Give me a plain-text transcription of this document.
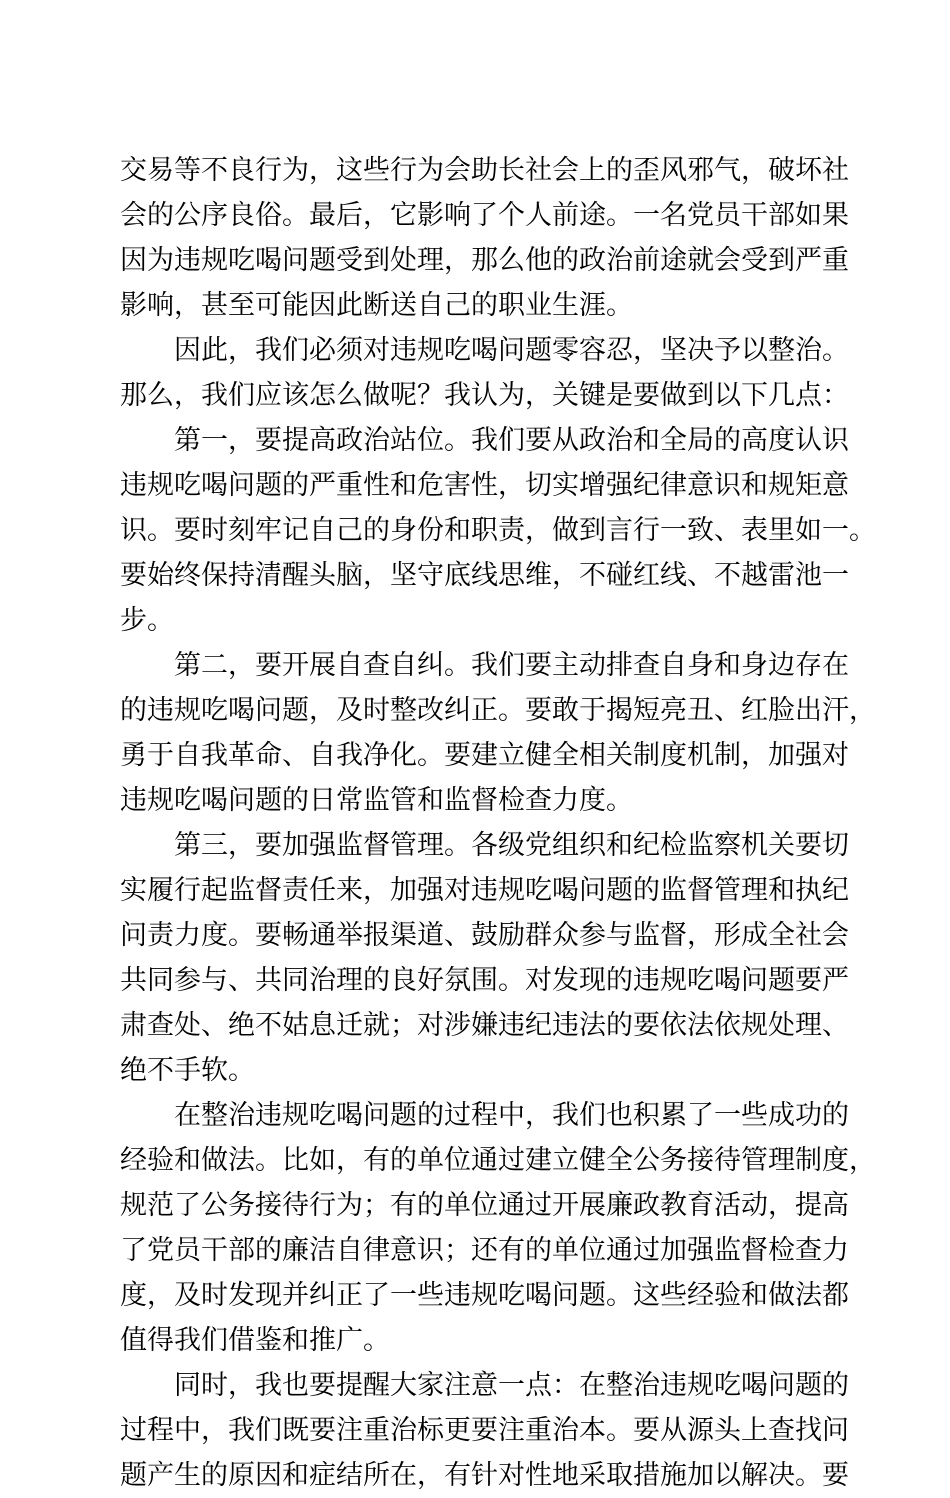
交易等不良行为，这些行为会助长社会上的歪风邪气，破坏社
会的公序良俗。最后，它影响了个人前途。一名党员干部如果
因为违规吃喝问题受到处理，那么他的政治前途就会受到严重
影响，甚至可能因此断送自己的职业生涯。
因此，我们必须对违规吃喝问题零容忍，坚决予以整治。
那么，我们应该怎么做呢？我认为，关键是要做到以下几点：
第一，要提高政治站位。我们要从政治和全局的高度认识
违规吃喝问题的严重性和危害性，切实增强纪律意识和规矩意
识。要时刻牢记自己的身份和职责，做到言行一致、表里如一。
要始终保持清醒头脑，坚守底线思维，不碰红线、不越雷池一
步。
第二，要开展自查自纠。我们要主动排查自身和身边存在
的违规吃喝问题，及时整改纠正。要敢于揭短亮丑、红脸出汗，
勇于自我革命、自我净化。要建立健全相关制度机制，加强对
违规吃喝问题的日常监管和监督检查力度。
第三，要加强监督管理。各级党组织和纪检监察机关要切
实履行起监督责任来，加强对违规吃喝问题的监督管理和执纪
问责力度。要畅通举报渠道、鼓励群众参与监督，形成全社会
共同参与、共同治理的良好氛围。对发现的违规吃喝问题要严
肃查处、绝不姑息迁就；对涉嫌违纪违法的要依法依规处理、
绝不手软。
在整治违规吃喝问题的过程中，我们也积累了一些成功的
经验和做法。比如，有的单位通过建立健全公务接待管理制度，
规范了公务接待行为；有的单位通过开展廉政教育活动，提高
了党员干部的廉洁自律意识；还有的单位通过加强监督检查力
度，及时发现并纠正了一些违规吃喝问题。这些经验和做法都
值得我们借鉴和推广。
同时，我也要提醒大家注意一点：在整治违规吃喝问题的
过程中，我们既要注重治标更要注重治本。要从源头上查找问
题产生的原因和症结所在，有针对性地采取措施加以解决。要
